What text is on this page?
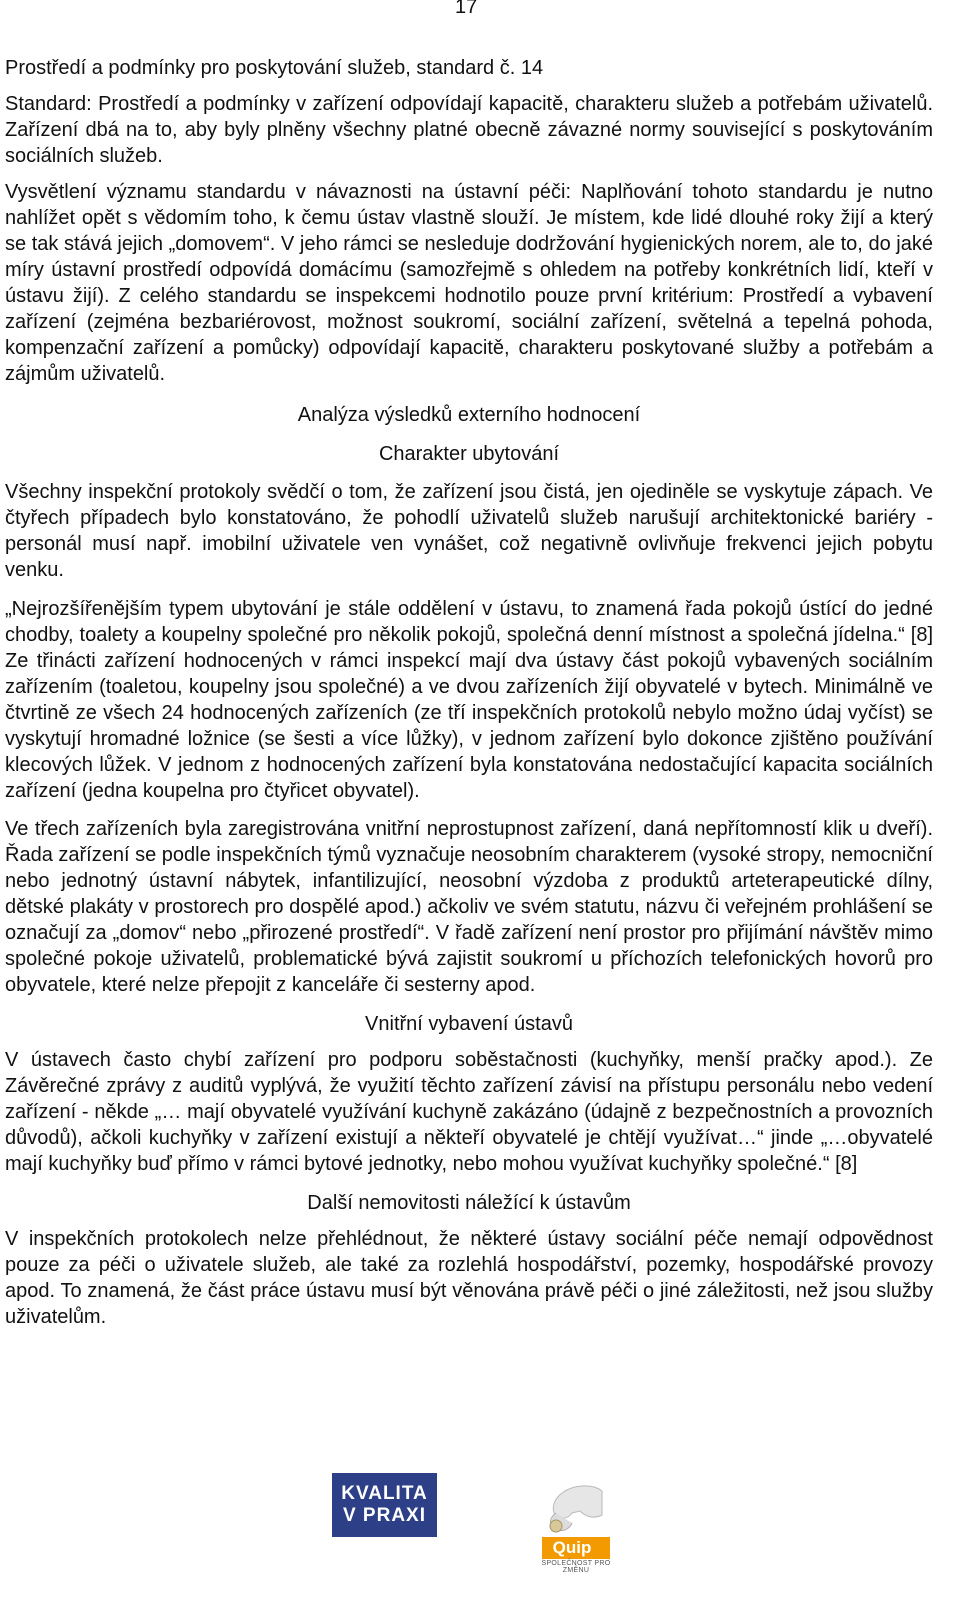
17

Prostředí a podmínky pro poskytování služeb, standard č. 14

Standard: Prostředí a podmínky v zařízení odpovídají kapacitě, charakteru služeb a potřebám uživatelů. Zařízení dbá na to, aby byly plněny všechny platné obecně závazné normy související s poskytováním sociálních služeb.

Vysvětlení významu standardu v návaznosti na ústavní péči: Naplňování tohoto standardu je nutno nahlížet opět s vědomím toho, k čemu ústav vlastně slouží. Je místem, kde lidé dlouhé roky žijí a který se tak stává jejich „domovem“. V jeho rámci se nesleduje dodržování hygienických norem, ale to, do jaké míry ústavní prostředí odpovídá domácímu (samozřejmě s ohledem na potřeby konkrétních lidí, kteří v ústavu žijí). Z celého standardu se inspekcemi hodnotilo pouze první kritérium: Prostředí a vybavení zařízení (zejména bezbariérovost, možnost soukromí, sociální zařízení, světelná a tepelná pohoda, kompenzační zařízení a pomůcky) odpovídají kapacitě, charakteru poskytované služby a potřebám a zájmům uživatelů.

Analýza výsledků externího hodnocení

Charakter ubytování

Všechny inspekční protokoly svědčí o tom, že zařízení jsou čistá, jen ojediněle se vyskytuje zápach. Ve čtyřech případech bylo konstatováno, že pohodlí uživatelů služeb narušují architektonické bariéry - personál musí např. imobilní uživatele ven vynášet, což negativně ovlivňuje frekvenci jejich pobytu venku.

„Nejrozšířenějším typem ubytování je stále oddělení v ústavu, to znamená řada pokojů ústící do jedné chodby, toalety a koupelny společné pro několik pokojů, společná denní místnost a společná jídelna.“ [8] Ze třinácti zařízení hodnocených v rámci inspekcí mají dva ústavy část pokojů vybavených sociálním zařízením (toaletou, koupelny jsou společné) a ve dvou zařízeních žijí obyvatelé v bytech. Minimálně ve čtvrtině ze všech 24 hodnocených zařízeních (ze tří inspekčních protokolů nebylo možno údaj vyčíst) se vyskytují hromadné ložnice (se šesti a více lůžky), v jednom zařízení bylo dokonce zjištěno používání klecových lůžek. V jednom z hodnocených zařízení byla konstatována nedostačující kapacita sociálních zařízení (jedna koupelna pro čtyřicet obyvatel).

Ve třech zařízeních byla zaregistrována vnitřní neprostupnost zařízení, daná nepřítomností klik u dveří). Řada zařízení se podle inspekčních týmů vyznačuje neosobním charakterem (vysoké stropy, nemocniční nebo jednotný ústavní nábytek, infantilizující, neosobní výzdoba z produktů arteterapeutické dílny, dětské plakáty v prostorech pro dospělé apod.) ačkoliv ve svém statutu, názvu či veřejném prohlášení se označují za „domov“ nebo „přirozené prostředí“. V řadě zařízení není prostor pro přijímání návštěv mimo společné pokoje uživatelů, problematické bývá zajistit soukromí u příchozích telefonických hovorů pro obyvatele, které nelze přepojit z kanceláře či sesterny apod.

Vnitřní vybavení ústavů

V ústavech často chybí zařízení pro podporu soběstačnosti (kuchyňky, menší pračky apod.). Ze Závěrečné zprávy z auditů vyplývá, že využití těchto zařízení závisí na přístupu personálu nebo vedení zařízení - někde „… mají obyvatelé využívání kuchyně zakázáno (údajně z bezpečnostních a provozních důvodů), ačkoli kuchyňky v zařízení existují a někteří obyvatelé je chtějí využívat…“ jinde „…obyvatelé mají kuchyňky buď přímo v rámci bytové jednotky, nebo mohou využívat kuchyňky společné.“ [8]

Další nemovitosti náležící k ústavům

V inspekčních protokolech nelze přehlédnout, že některé ústavy sociální péče nemají odpovědnost pouze za péči o uživatele služeb, ale také za rozlehlá hospodářství, pozemky, hospodářské provozy apod. To znamená, že část práce ústavu musí být věnována právě péči o jiné záležitosti, než jsou služby uživatelům.

KVALITA
V PRAXI
Quip
SPOLEČNOST PRO ZMĚNU
